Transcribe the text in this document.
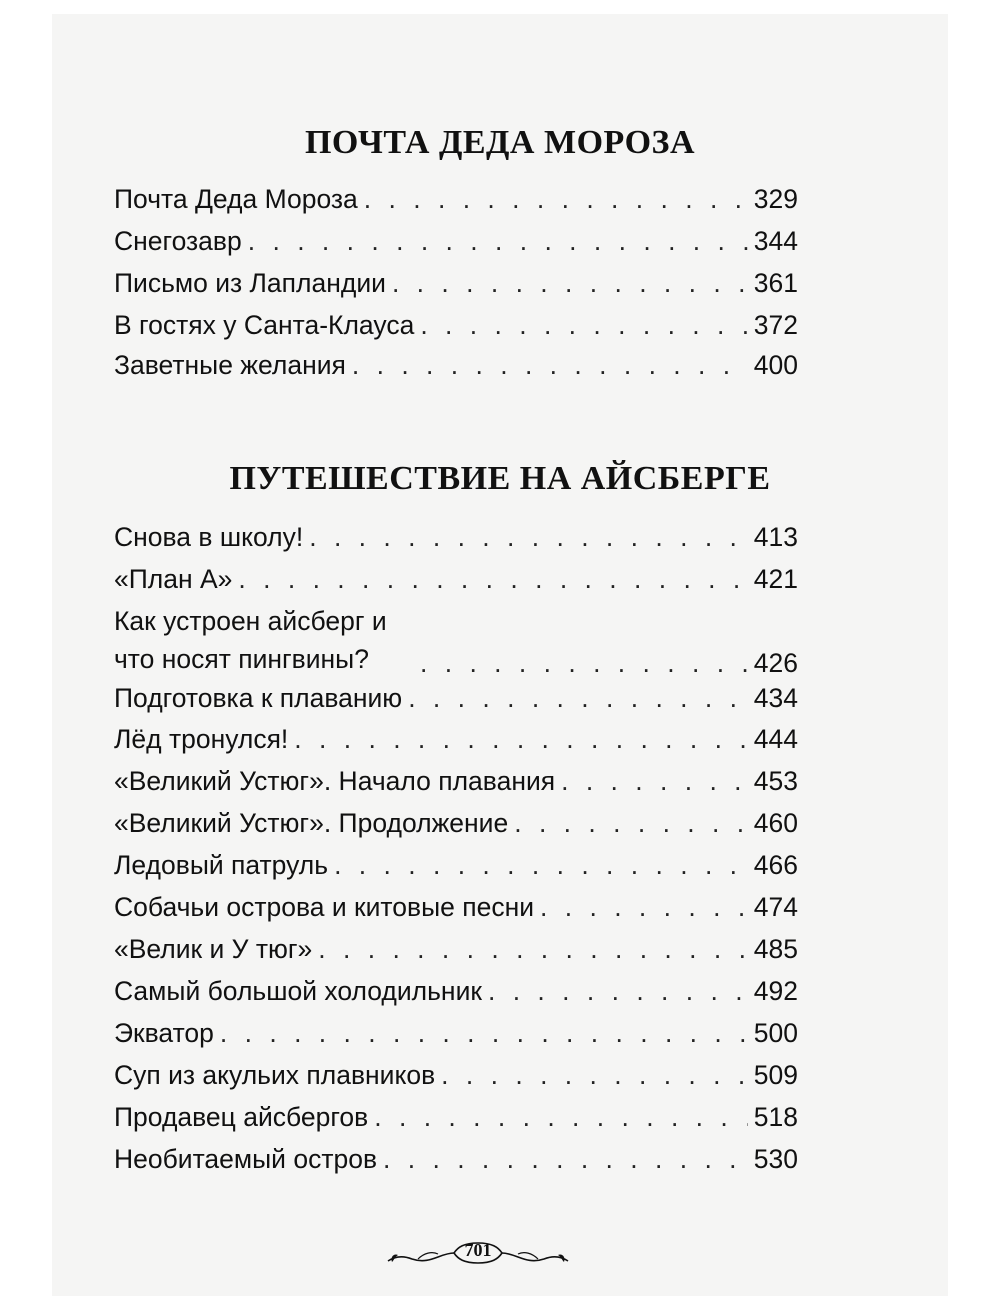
ПОЧТА ДЕДА МОРОЗА
Почта Деда Мороза . . .	329
Снегозавр . . .	344
Письмо из Лапландии . . .	361
В гостях у Санта-Клауса . . .	372
Заветные желания . . .	400
ПУТЕШЕСТВИЕ НА АЙСБЕРГЕ
Снова в школу! . . .	413
«План А» . . .	421
Как устроен айсберг и что носят пингвины? . . .	426
Подготовка к плаванию . . .	434
Лёд тронулся! . . .	444
«Великий Устюг». Начало плавания . . .	453
«Великий Устюг». Продолжение . . .	460
Ледовый патруль . . .	466
Собачьи острова и китовые песни . . .	474
«Велик и У тюг» . . .	485
Самый большой холодильник . . .	492
Экватор . . .	500
Суп из акульих плавников . . .	509
Продавец айсбергов . . .	518
Необитаемый остров . . .	530
701
